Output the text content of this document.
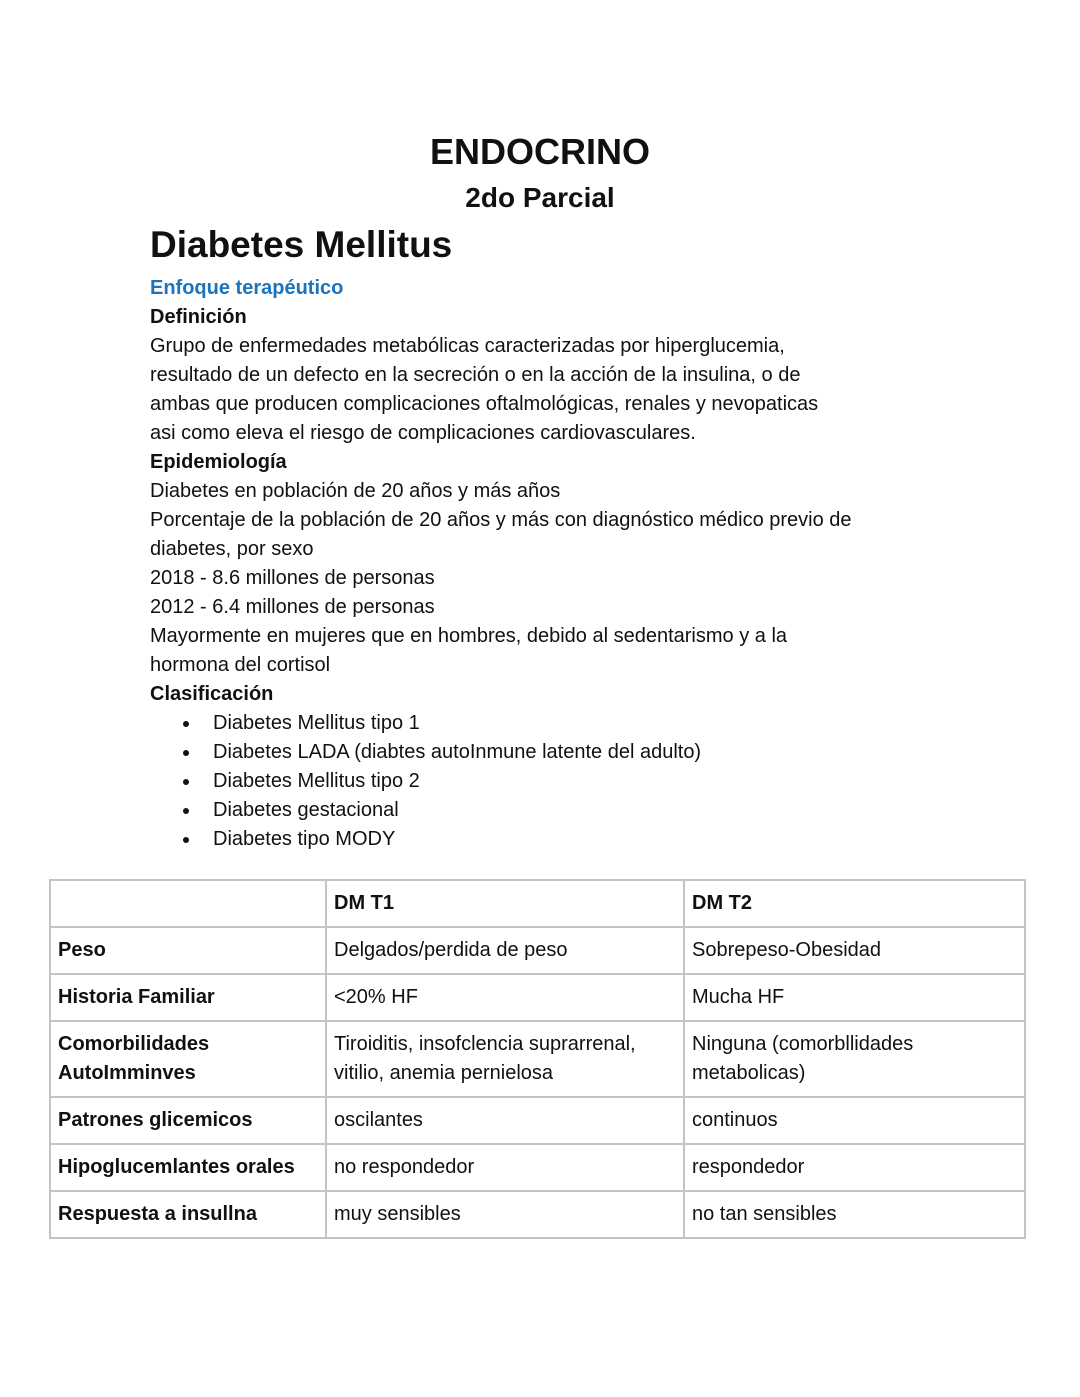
ENDOCRINO
2do Parcial
Diabetes Mellitus
Enfoque terapéutico
Definición
Grupo de enfermedades metabólicas caracterizadas por hiperglucemia,
resultado de un defecto en la secreción o en la acción de la insulina, o de
ambas que producen complicaciones oftalmológicas, renales y nevopaticas
asi como eleva el riesgo de complicaciones cardiovasculares.
Epidemiología
Diabetes en población de 20 años y más años
Porcentaje de la población de 20 años y más con diagnóstico médico previo de
diabetes, por sexo
2018 - 8.6 millones de personas
2012 - 6.4 millones de personas
Mayormente en mujeres que en hombres, debido al sedentarismo y a la
hormona del cortisol
Clasificación
Diabetes Mellitus tipo 1
Diabetes LADA (diabtes autoInmune latente del adulto)
Diabetes Mellitus tipo 2
Diabetes gestacional
Diabetes tipo MODY
	DM T1	DM T2
Peso	Delgados/perdida de peso	Sobrepeso-Obesidad
Historia Familiar	<20% HF	Mucha HF
Comorbilidades AutoImminves	Tiroiditis, insofclencia suprarrenal, vitilio, anemia pernielosa	Ninguna (comorbllidades metabolicas)
Patrones glicemicos	oscilantes	continuos
Hipoglucemlantes orales	no respondedor	respondedor
Respuesta a insullna	muy sensibles	no tan sensibles
